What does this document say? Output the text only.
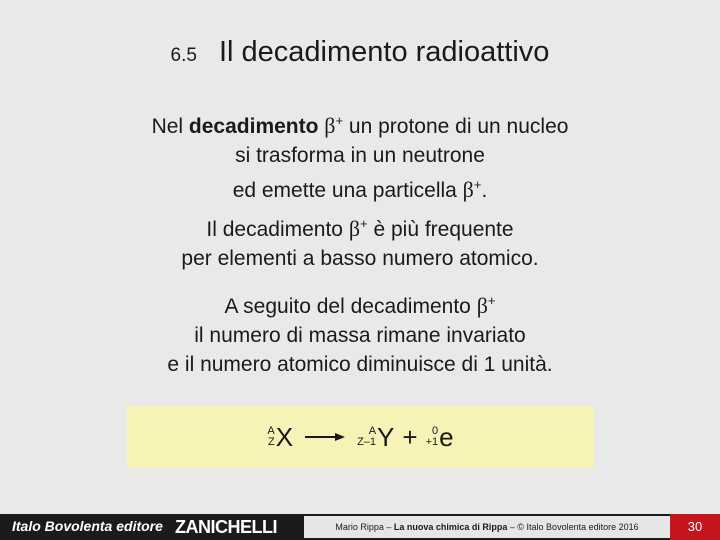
6.5 Il decadimento radioattivo
Nel decadimento β+ un protone di un nucleo
si trasforma in un neutrone
ed emette una particella β+.
Il decadimento β+ è più frequente
per elementi a basso numero atomico.
A seguito del decadimento β+
il numero di massa rimane invariato
e il numero atomico diminuisce di 1 unità.
A
Z X → A
Z–1 Y + 0
+1 e
Italo Bovolenta editore ZANICHELLI	Mario Rippa – La nuova chimica di Rippa – © Italo Bovolenta editore 2016	30
